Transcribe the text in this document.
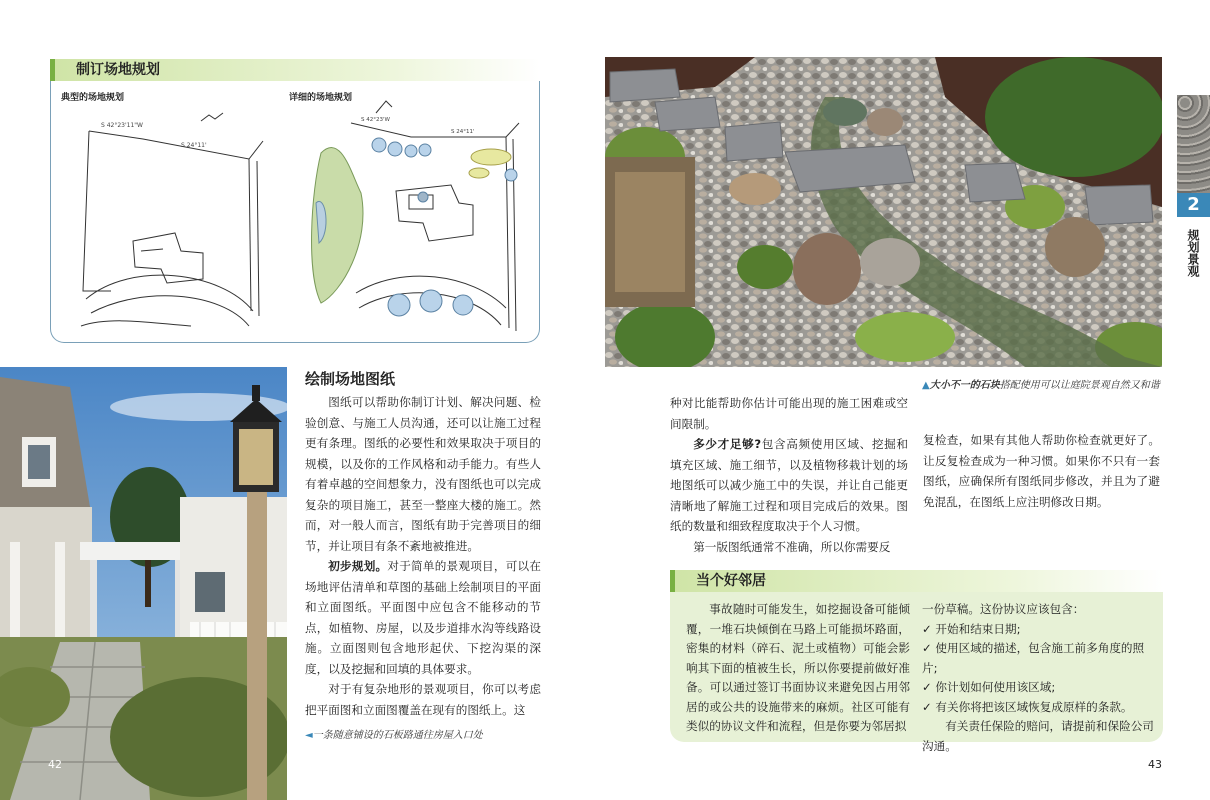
制订场地规划
典型的场地规划	详细的场地规划
S 42°23'11"W
S 24°11'
S 42°23'W
S 24°11'
42
绘制场地图纸

图纸可以帮助你制订计划、解决问题、检验创意、与施工人员沟通，还可以让施工过程更有条理。图纸的必要性和效果取决于项目的规模，以及你的工作风格和动手能力。有些人有着卓越的空间想象力，没有图纸也可以完成复杂的项目施工，甚至一整座大楼的施工。然而，对一般人而言，图纸有助于完善项目的细节，并让项目有条不紊地被推进。

初步规划。对于简单的景观项目，可以在场地评估清单和草图的基础上绘制项目的平面和立面图纸。平面图中应包含不能移动的节点，如植物、房屋，以及步道排水沟等线路设施。立面图则包含地形起伏、下挖沟渠的深度，以及挖掘和回填的具体要求。

对于有复杂地形的景观项目，你可以考虑把平面图和立面图覆盖在现有的图纸上。这

◄一条随意铺设的石板路通往房屋入口处
2
规划景观
▲大小不一的石块搭配使用可以让庭院景观自然又和谐

种对比能帮助你估计可能出现的施工困难或空间限制。

多少才足够?包含高频使用区域、挖掘和填充区域、施工细节，以及植物移栽计划的场地图纸可以减少施工中的失误，并让自己能更清晰地了解施工过程和项目完成后的效果。图纸的数量和细致程度取决于个人习惯。

第一版图纸通常不准确，所以你需要反

复检查，如果有其他人帮助你检查就更好了。让反复检查成为一种习惯。如果你不只有一套图纸，应确保所有图纸同步修改，并且为了避免混乱，在图纸上应注明修改日期。

当个好邻居
事故随时可能发生，如挖掘设备可能倾覆，一堆石块倾倒在马路上可能损坏路面，密集的材料（碎石、泥土或植物）可能会影响其下面的植被生长，所以你要提前做好准备。可以通过签订书面协议来避免因占用邻居的或公共的设施带来的麻烦。社区可能有类似的协议文件和流程，但是你要为邻居拟
一份草稿。这份协议应该包含：
✓ 开始和结束日期;
✓ 使用区域的描述，包含施工前多角度的照片;
✓ 你计划如何使用该区域;
✓ 有关你将把该区域恢复成原样的条款。
有关责任保险的赔问，请提前和保险公司沟通。
43
